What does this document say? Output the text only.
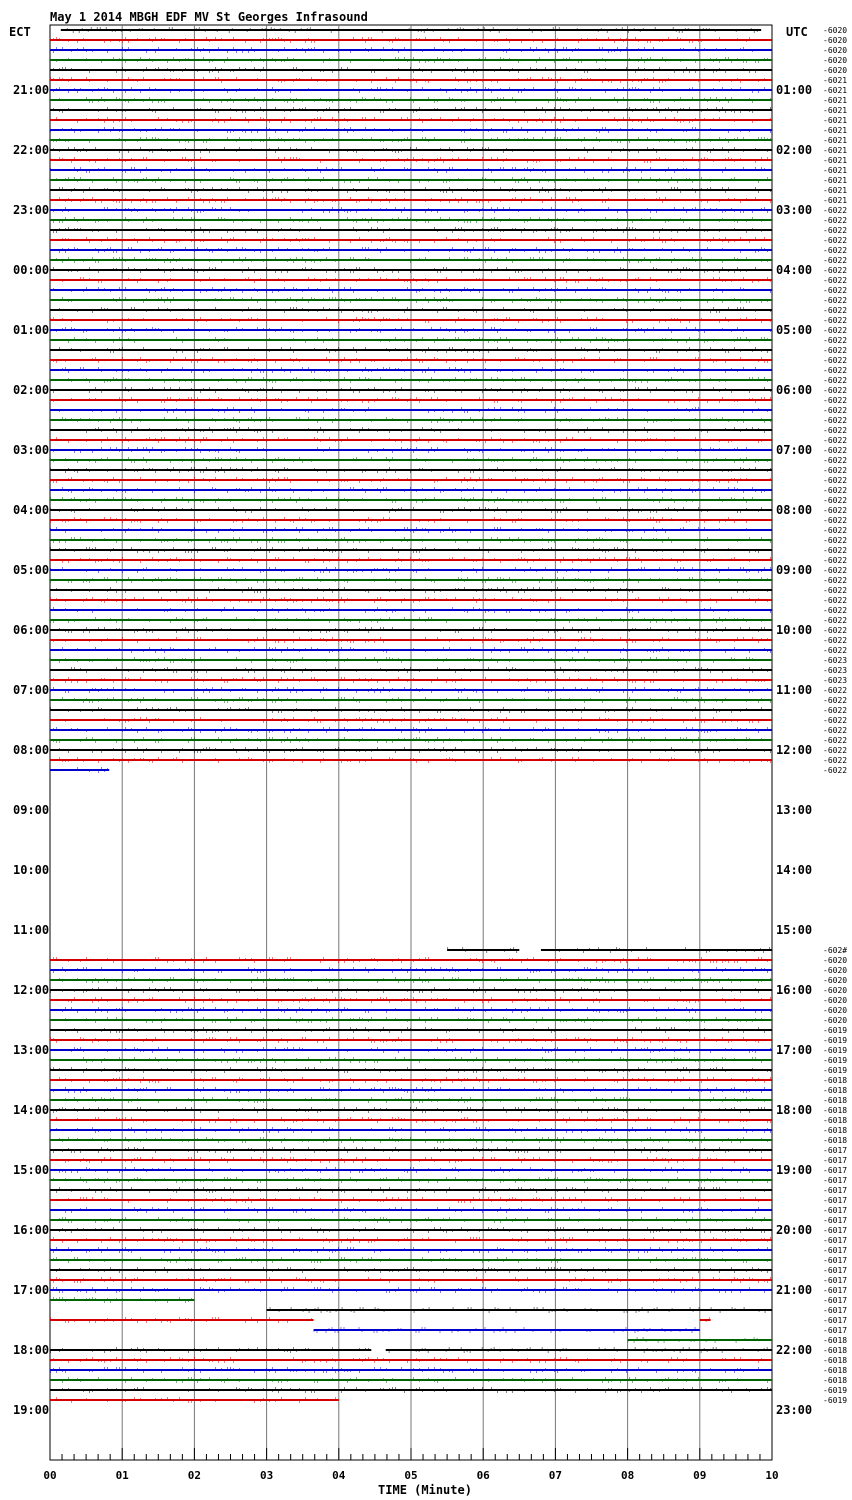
May 1 2014 MBGH EDF MV St Georges Infrasound
ECT	UTC
21:00	01:00
22:00	02:00
23:00	03:00
00:00	04:00
01:00	05:00
02:00	06:00
03:00	07:00
04:00	08:00
05:00	09:00
06:00	10:00
07:00	11:00
08:00	12:00
09:00	13:00
10:00	14:00
11:00	15:00
12:00	16:00
13:00	17:00
14:00	18:00
15:00	19:00
16:00	20:00
17:00	21:00
18:00	22:00
19:00	23:00
-6020
-6020
-6020
-6020
-6020
-6021
-6021
-6021
-6021
-6021
-6021
-6021
-6021
-6021
-6021
-6021
-6021
-6021
-6022
-6022
-6022
-6022
-6022
-6022
-6022
-6022
-6022
-6022
-6022
-6022
-6022
-6022
-6022
-6022
-6022
-6022
-6022
-6022
-6022
-6022
-6022
-6022
-6022
-6022
-6022
-6022
-6022
-6022
-6022
-6022
-6022
-6022
-6022
-6022
-6022
-6022
-6022
-6022
-6022
-6022
-6022
-6022
-6022
-6023
-6023
-6023
-6022
-6022
-6022
-6022
-6022
-6022
-6022
-6022
-6022
-602#
-6020
-6020
-6020
-6020
-6020
-6020
-6020
-6019
-6019
-6019
-6019
-6019
-6018
-6018
-6018
-6018
-6018
-6018
-6018
-6017
-6017
-6017
-6017
-6017
-6017
-6017
-6017
-6017
-6017
-6017
-6017
-6017
-6017
-6017
-6017
-6017
-6017
-6017
-6018
-6018
-6018
-6018
-6018
-6019
-6019
00	01	02	03	04	05	06	07	08	09	10
TIME (Minute)
